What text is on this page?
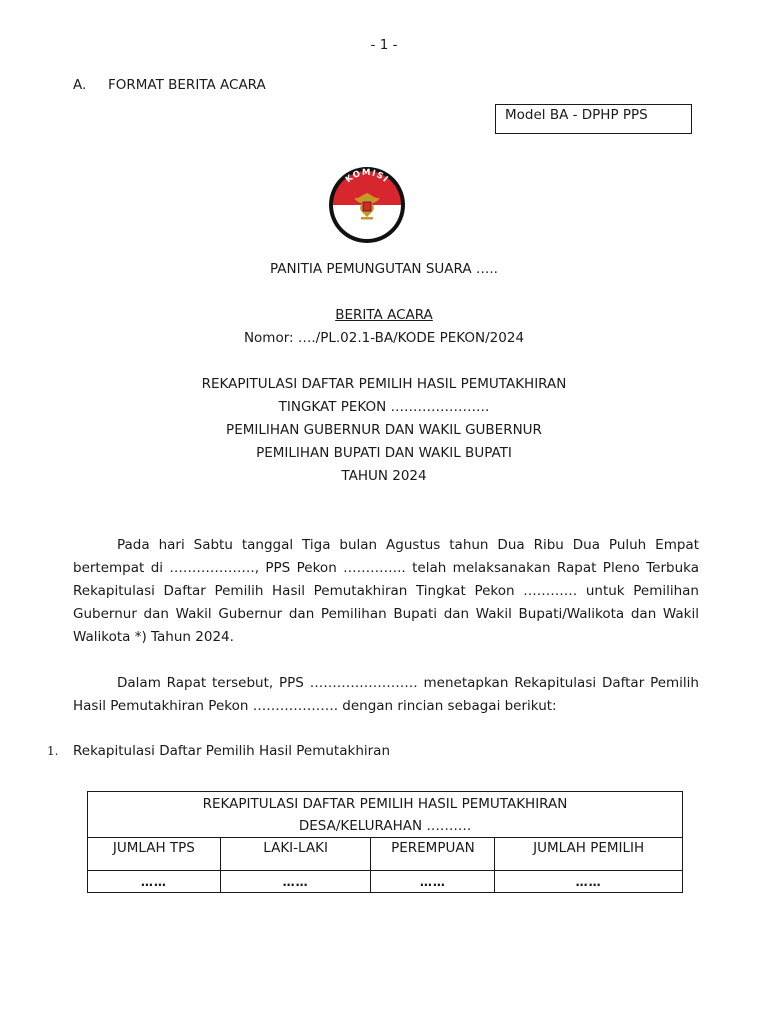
- 1 -
A. FORMAT BERITA ACARA
Model BA - DPHP PPS
KOMISI
PEMILIHAN UMUM
PANITIA PEMUNGUTAN SUARA …..
BERITA ACARA
Nomor: …./PL.02.1-BA/KODE PEKON/2024
REKAPITULASI DAFTAR PEMILIH HASIL PEMUTAKHIRAN
TINGKAT PEKON ………………….
PEMILIHAN GUBERNUR DAN WAKIL GUBERNUR
PEMILIHAN BUPATI DAN WAKIL BUPATI
TAHUN 2024
Pada hari Sabtu tanggal Tiga bulan Agustus tahun Dua Ribu Dua Puluh Empat bertempat di ………………., PPS Pekon ………….. telah melaksanakan Rapat Pleno Terbuka Rekapitulasi Daftar Pemilih Hasil Pemutakhiran Tingkat Pekon ………… untuk Pemilihan Gubernur dan Wakil Gubernur dan Pemilihan Bupati dan Wakil Bupati/Walikota dan Wakil Walikota *) Tahun 2024.
Dalam Rapat tersebut, PPS …………………… menetapkan Rekapitulasi Daftar Pemilih Hasil Pemutakhiran Pekon ………………. dengan rincian sebagai berikut:
1. Rekapitulasi Daftar Pemilih Hasil Pemutakhiran
REKAPITULASI DAFTAR PEMILIH HASIL PEMUTAKHIRAN
DESA/KELURAHAN ……….			

JUMLAH TPS	LAKI-LAKI	PEREMPUAN	JUMLAH PEMILIH
……	……	……	……
